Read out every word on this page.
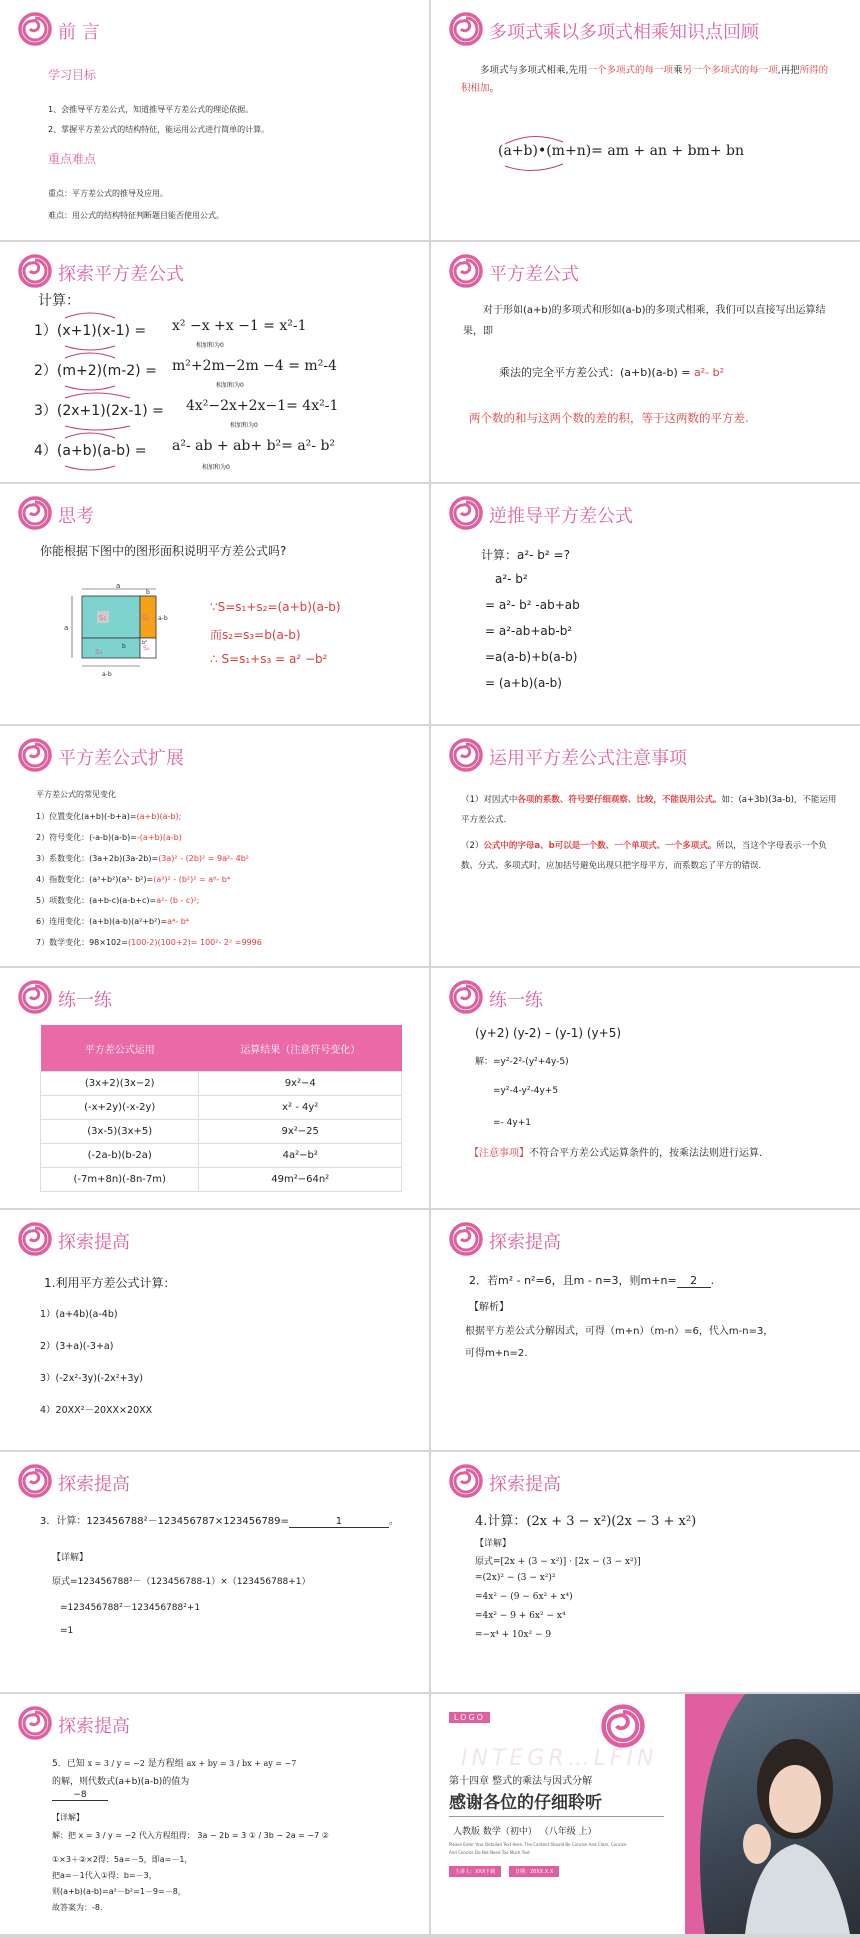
前 言
学习目标
1、会推导平方差公式，知道推导平方差公式的理论依据。
2、掌握平方差公式的结构特征，能运用公式进行简单的计算。
重点难点
重点：平方差公式的推导及应用。
难点：用公式的结构特征判断题目能否使用公式。
多项式乘以多项式相乘知识点回顾
多项式与多项式相乘,先用一个多项式的每一项乘另一个多项式的每一项,再把所得的积相加。
(a+b)•(m+n)= am + an + bm+ bn
探索平方差公式
计算：
1）(x+1)(x-1) = x² −x +x −1 = x²-1
相加和为0
2）(m+2)(m-2) = m²+2m−2m −4 = m²-4
相加和为0
3）(2x+1)(2x-1) = 4x²−2x+2x−1= 4x²-1
相加和为0
4）(a+b)(a-b) = a²- ab + ab+ b²= a²- b²
相加和为0
平方差公式
对于形如(a+b)的多项式和形如(a-b)的多项式相乘，我们可以直接写出运算结果，即
乘法的完全平方差公式：(a+b)(a-b) = a²- b²
两个数的和与这两个数的差的积，等于这两数的平方差.
思考
你能根据下图中的图形面积说明平方差公式吗?
a
a
b
S₁	S₂ a-b
S₃	S₄
b²
b
a-b
∵S=s₁+s₂=(a+b)(a-b)
而s₂=s₃=b(a-b)
∴ S=s₁+s₃ = a² −b²
逆推导平方差公式
计算：a²- b² =?
a²- b²
= a²- b² -ab+ab
= a²-ab+ab-b²
=a(a-b)+b(a-b)
= (a+b)(a-b)
平方差公式扩展
平方差公式的常见变化
1）位置变化(a+b)(-b+a)=(a+b)(a-b);
2）符号变化：(-a-b)(a-b)=-(a+b)(a-b)
3）系数变化：(3a+2b)(3a-2b)=(3a)² - (2b)² = 9a²- 4b²
4）指数变化：(a³+b²)(a³- b²)=(a³)² - (b²)² = a⁶- b⁴
5）项数变化：(a+b-c)(a-b+c)=a²- (b - c)²;
6）连用变化：(a+b)(a-b)(a²+b²)=a⁴- b⁴
7）数学变化：98×102=(100-2)(100+2)= 100²- 2² =9996
运用平方差公式注意事项
（1）对因式中各项的系数、符号要仔细观察、比较，不能误用公式。如：(a+3b)(3a-b)，不能运用平方差公式.
（2）公式中的字母a、b可以是一个数、一个单项式、一个多项式。所以，当这个字母表示一个负数、分式、多项式时，应加括号避免出现只把字母平方，而系数忘了平方的错误.
练一练
平方差公式运用	运算结果（注意符号变化）
(3x+2)(3x−2)	9x²−4
(-x+2y)(-x-2y)	x² - 4y²
(3x-5)(3x+5)	9x²−25
(-2a-b)(b-2a)	4a²−b²
(-7m+8n)(-8n-7m)	49m²−64n²
练一练
(y+2) (y-2) – (y-1) (y+5)
解：=y²-2²-(y²+4y-5)
=y²-4-y²-4y+5
=- 4y+1
【注意事项】不符合平方差公式运算条件的，按乘法法则进行运算.
探索提高
1.利用平方差公式计算：
1）(a+4b)(a-4b)
2）(3+a)(-3+a)
3）(-2x²-3y)(-2x²+3y)
4）20XX²－20XX×20XX
探索提高
2．若m² - n²=6，且m - n=3，则m+n= 2 .
【解析】
根据平方差公式分解因式，可得（m+n）（m-n）=6，代入m-n=3，
可得m+n=2.
探索提高
3．计算：123456788²－123456787×123456789=	1	。
【详解】
原式=123456788²－（123456788-1）×（123456788+1）
=123456788²－123456788²+1
=1
探索提高
4.计算：(2x + 3 − x²)(2x − 3 + x²)
【详解】
原式=[2x + (3 − x²)] · [2x − (3 − x²)]
=(2x)² − (3 − x²)²
=4x² − (9 − 6x² + x⁴)
=4x² − 9 + 6x² − x⁴
=−x⁴ + 10x² − 9
探索提高
5．已知 x = 3 / y = −2 是方程组 ax + by = 3 / bx + ay = −7
的解，则代数式(a+b)(a-b)的值为
−8
【详解】
解：把 x = 3 / y = −2 代入方程组得： 3a − 2b = 3 ① / 3b − 2a = −7 ②
①×3＋②×2得：5a=－5，即a=－1，
把a=－1代入①得：b=－3，
则(a+b)(a-b)=a²－b²=1－9=－8，
故答案为：-8.
LOGO
INTEGR…LFIN
第十四章 整式的乘法与因式分解
感谢各位的仔细聆听
人教版 数学（初中） （八年级 上）
Please Enter Your Detailed Text Here, The Content Should Be Concise And Clear, Concise
And Concise Do Not Need Too Much Text
主讲人：XXX下载	日期：20XX.X.X
